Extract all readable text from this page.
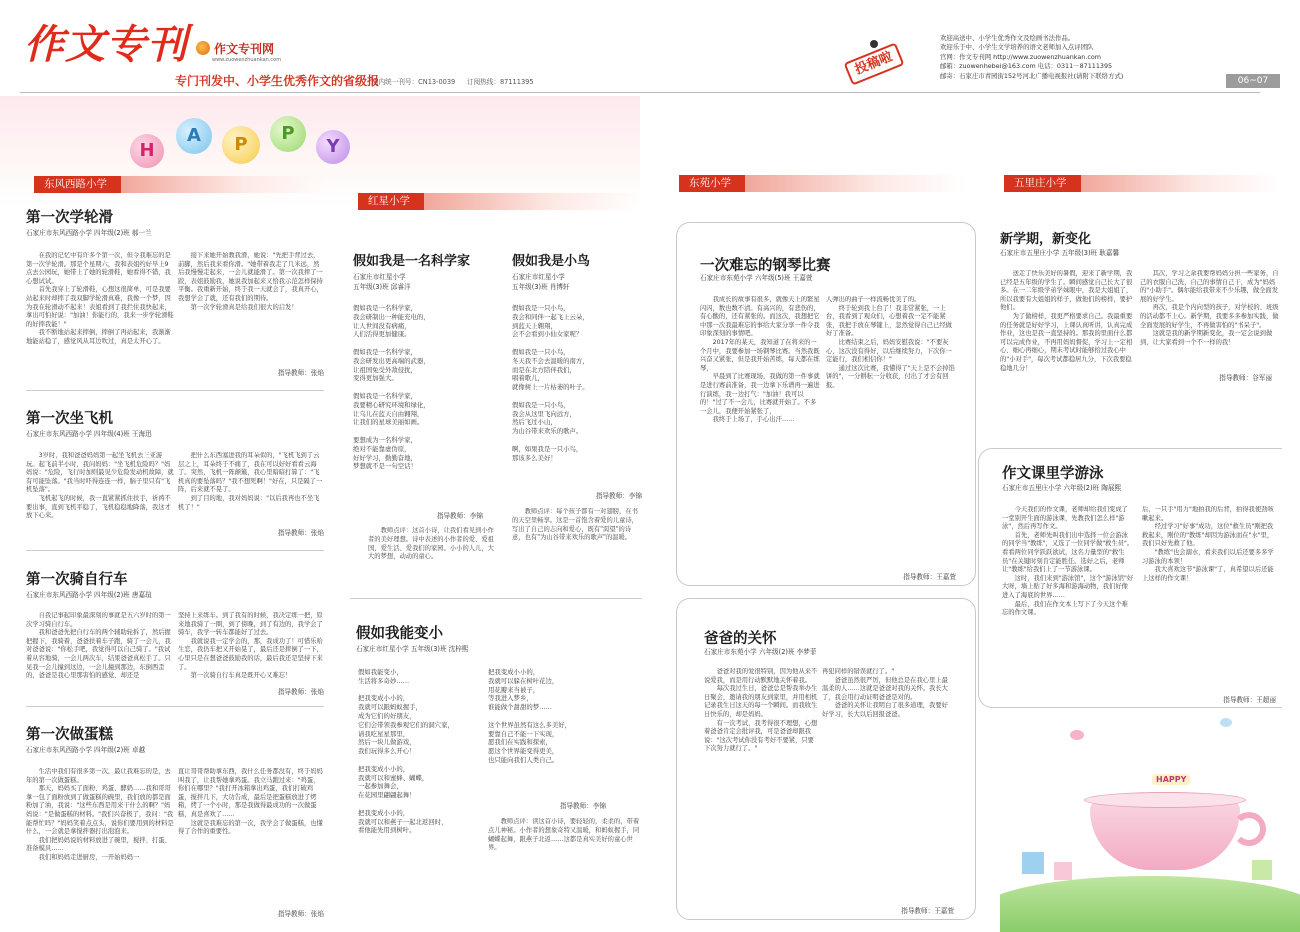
作文专刊 作文专刊网
www.zuowenzhuankan.com
专门刊发中、小学生优秀作文的省级报
国内统一刊号：CN13-0039 订阅热线：87111395
投稿啦
欢迎高送中、小学生优秀作文及绘画书法作品。
欢迎乐于中、小学生文学培养的语文老师加入点评团队
官网：作文专刊网 http://www.zuowenzhuankan.com
邮箱：zuowenhebei@163.com 电话：0311－87111395
邮寄：石家庄市青园街152号河北广播电视报社(请附下联络方式)
06~07
H
A	P
P
Y
东风西路小学
第一次学轮滑
石家庄市东风西路小学 四年级(2)班 郝一兰
　　在我的记忆中有许多个第一次，但令我难忘的是第一次学轮滑。那是个星期六，我和表姐约好早上9点去公园玩，她带上了她的轮滑鞋，她看得不错，我心想试试。
　　首先我穿上了轮滑鞋，心想这很简单，可是我要站起来时却摔了我双脚学轮滑真难，我像一个梦，因为我在轮滑动不起来！表姐看到了我拦住我快起来，拿出可怕好说："加油！你能行的，我来一步学轮滑鞋的好摔我能！"
　　我不断地站起来摔倒，摔倒了再站起来，我渐渐地能站稳了，感觉风从耳边吹过，真是太开心了。
　　接下来她开始教我滑，她说："先把手背过去，前脚，然后我来看你滑。"她带着我走了几米远，然后我慢慢走起来，一会儿就能滑了。第一次我摔了一跤，表姐鼓励我，她说我加起来又恰我示范怎样保持平衡。我重新开始，终于我一天就会了，我真开心，我想学会了就，还有我们的期待。
　　第一次学轮滑真是给我们很大的启发！
指导教师：张焰
第一次坐飞机
石家庄市东风西路小学 四年级(4)班 王海迅
　　3岁时，我和爸爸妈妈第一起坐飞机去三亚游玩。起飞前半小时，我问妈妈："坐飞机危险吗？"妈妈说："危险，飞行时加则最见少危险发动机故障，就有可能坠落。"我当时吓得连连一样，脑子里只有"飞机坠落"。
　　飞机起飞的时候，我一直紧紧抓住扶手，祈祷不要出事，直到飞机平稳了，飞机稳稳地降落，我这才放下心来。
　　把什么东西塞进我的耳朵似的，"飞机飞到了云层之上，耳朵终于不痛了，我在可以好好看看云海了。突然，飞机一阵颠簸，我心里暗暗打算了："飞机真的要坠落吗？"我不想死啊！"好在，只是隔了一阵，后来就不晃了。
　　到了目的地，我对妈妈说："以后我再也不坐飞机了！"
指导教师：张焰
第一次骑自行车
石家庄市东风西路小学 四年级(2)班 唐嘉瑄
　　自我记事起印象最深刻的事就是五六岁时的第一次学习骑自行车。
　　我和爸爸先把自行车的两个辅助轮拆了，然后握把握下，我骑着，爸爸扶着车子跑，骑了一会儿，我对爸爸说："你松手吧，我觉得可以自己骑了。"我试着从容地骑，一会儿两次车，结果爸爸真松手了。只见我一会儿撞到这边，一会儿撞到那边，东倒西歪的，爸爸是我心里那害怕的感觉，却还是
坚持上来练车。到了我有的时候，我决定练一把，原来地我骑了一圈，到了傍晚，到了有边的，我学会了骑车，我学一转车都能好了过去。
　　我就说我一定学会的，那，我成功了！可惜乐哈生恋，我仍车把又开始晃了，最后还是摔倒了一下，心里只是在想爸爸鼓励我的话，最后我还是坚持下来了。
　　第一次骑自行车真是既开心又难忘！
指导教师：张焰
第一次做蛋糕
石家庄市东风西路小学 四年级(2)班 卓越
　　生活中我们有很多第一次，最让我难忘的是，去年的第一次做蛋糕。
　　那天，妈妈买了面粉、鸡蛋、酵奶……我和哥哥拿一包了面粉放到了做蛋糕的碗里，我们放的都是面粉加了油，我说："这些东西是用来干什么的啊？"妈妈说："是做蛋糕的材料。"我们兴奋极了，我问："我能帮忙吗？"妈妈笑着点点头，说你们要用到的材料是什么，一会就是拿搅拌器打出泡泡来。
　　我们把妈妈说的材料放进了碗里，搅拌、打蛋、准备模具……
　　我们和妈妈走进厨房，一开始妈妈一
直让哥哥帮助拿东西，我什么任务都没有，终于妈妈叫我了，让我帮她拿鸡蛋。我立马跑过来："鸡蛋，你们在哪里？"我打开冰箱拿出鸡蛋，我们打破鸡蛋，搅拌几下，大功告成，最后是把蛋糕放进了烤箱，烤了一个小时，那是我做得最成功的一次做蛋糕，真是喜欢了……
　　这就是我难忘的第一次，我学会了做蛋糕，也懂得了合作的重要性。
指导教师：张焰
红星小学
假如我是一名科学家
石家庄市红星小学
五年级(3)班 邱睿洋
假如我是一名科学家，
我会研制出一种能充电的，
让人世间没有病痛，
人们活得更加健康。

假如我是一名科学家，
我会研发出更高端的武器，
让祖国免受外敌侵扰，
变得更加强大。

假如我是一名科学家，
我要精心研究环境和绿化，
让乌儿在蓝天自由翱翔，
让我们的星球美丽如画。

要想成为一名科学家，
绝对不能靠虚伪原，
好好学习，勤勤奋地，
梦想就不是一句空话！
指导教师：李锦
假如我是小鸟
石家庄市红星小学
五年级(3)班 肖博轩
假如我是一只小鸟，
我会和同伴一起飞上云朵，
到蓝天上翱翔，
会不会看到小仙女家呢？

假如我是一只小鸟，
冬天我不会去温暖的南方，
而是在北方陪伴我们，
唱着歌儿，
就像树上一片枯萎的叶子。

假如我是一只小鸟，
我会从这里飞向远方，
然后飞过小山，
为山谷带来欢乐的歌声。

啊，如果我是一只小鸟，
那该多么美好！
指导教师：李锦
　　教师点评：这首小诗，让我们看见到小作者的美好理想。诗中表述的小作者的爱、爱祖国、爱生活、爱我们的家园。小小的人儿，大大的梦想，动动的童心。
　　教师点评：每个孩子都有一对翅膀，在书的天空里畅享。这是一首饱含着爱的儿童诗，写出了自己的志向和爱心，既有"渴望"的诗意，也有"为山谷带来欢乐的歌声"的温暖。
假如我能变小
石家庄市红星小学 五年级(3)班 沈梓熙
假如我能变小，
生活将多奇妙……

把我变成小小的，
我就可以跟蚂蚁握手，
成为它们的好朋友，
它们会带领我参观它们的洞穴家，
请我吃星星那里，
然后一块儿做游戏，
我们玩得多么开心！

把我变成小小的，
我就可以和蜜蜂、蝴蝶，
一起参加舞会，
在花园里翩翩起舞！

把我变成小小的，
我就可以和燕子一起北返回时，
看他能先用到树叶。
把我变成小小的，
我就可以躲在树叶花边，
用花瓣来当被子，
等我进入梦乡，
谁能做个甜甜的梦……

这个世界虽然有这么多美好，
要靠自己不能一下实现，
愿我们在实践和探索，
愿这个世界能变得更美，
也只能向我们人类自己。
指导教师：李锦
　　教师点评：读这首小诗，要轻轻的，柔柔的，带着点儿神秘。小作者的想象奇特又温暖，和蚂蚁握手，同蝴蝶起舞，跟燕子北返……这都是真实美好的童心世界。
东苑小学
一次难忘的钢琴比赛
石家庄市东苑小学 六年级(5)班 王嘉萱
　　我成长的故事有很多，就像天上的繁星闪闪，数也数不清。有高兴的，有悲伤的，有心酸的，还有紧张的。而这次，我想把它中那一次我最难忘的事给大家分享一件令我印象深刻的事情吧。
　　2017年的某天，我知道了在将来的一个月中，我要参加一场钢琴比赛。当然我既兴奋又紧张，但是我开始苦练，每天都在练琴，
　　早晨到了比赛现场，我做的第一件事就是进行赛前准备，我一边拿下乐谱再一遍进行演练，我一边打气："加油！我可以的！"过了不一会儿，比赛就开始了。不多一会儿，我便开始紧张了，
　　我终于上场了，手心出汗……
人弹出的曲子一样流畅优美了的。
　　终于轮到我上台了！我非常紧张，一上台，我看到了观众们，心想着我一定不能紧张，我把手放在琴键上，忽然觉得自己已经做好了准备。
　　比赛结束之后，妈妈安慰我说："不要灰心，这次没有得好，以后继续努力，下次你一定能行，我们相信你！"
　　通过这次比赛，我懂得了"天上是不会掉馅饼的"，一分耕耘一分收获，付出了才会有回报。
指导教师：王嘉萱
爸爸的关怀
石家庄市东苑小学 六年级(2)班 李梦菲
　　爸爸对我的爱很特别，因为他从来不说爱我，而是用行动默默地关怀着我。
　　每次我过生日，爸爸总是帮我举办生日聚会，邀请我的朋友到家里，并用相机记录我生日这天的每一个瞬间。而我收生日快乐的，却是妈妈。
　　有一次考试，我考得很不理想，心想着爸爸肯定会批评我，可是爸爸却跟我说："这次考试你没有考好不要紧，只要下次努力就行了。"
再犯同样的错误就行了。"
　　爸爸虽然很严厉，但他总是在我心里上最温柔的人……这就是爸爸对我的关怀。我长大了，我会用行动证明爸爸是对的。
　　爸爸的关怀让我明白了很多道理，我要好好学习，长大以后回报爸爸。
指导教师：王嘉萱
五里庄小学
新学期，新变化
石家庄市五里庄小学 五年级(3)班 耿嘉馨
　　送走了快乐美好的暑假，迎来了新学期，我已经是五年级的学生了。瞬间感觉自己长大了很多。在一二年级学弟学妹眼中，我是大姐姐了，所以我要有大姐姐的样子，做他们的榜样，要护他们。
　　为了做榜样，我更严格要求自己。我最重要的任务就是好好学习，上课认真听讲，认真完成作业，这也是我一直坚持的。那我的里面什么都可以完成作业，不再用妈妈督促，学习上一定相心、细心再细心，期末考试时能够拾过我心中的"小对手"，每次考试都稳居九分，下次我要稳稳地几分！
　　其次，学习之余我要帮妈妈分担一些家务，自己的衣服自己洗，自己的事情自己干，成为"妈妈的"小助手"。偶尔能给我带来不少乐趣，做全面发展的好学生。
　　再次，我是个内向型的孩子，对学校的、班级的活动都不上心。新学期，我要多多参加实践，做全面发展的好学生，不再做害怕的"书呆子"。
　　这就是我的新学期新变化，我一定会说到做到，让大家看到一个不一样的我！
指导教师：谷军丽
作文课里学游泳
石家庄市五里庄小学 六年级(2)班 陶展熙
　　今天我们的作文课，老师却给我们变成了一堂别开生面的游泳课，先教我们怎么样"游泳"，然后再写作文。
　　首先，老师先叫我们出中选择一位会游泳的同学当"教练"，又选了一位同学做"救生员"。看看两位同学跃跃欲试，这名力量型的"救生员"在关键时刻肯定能胜任。选好之后，老师让"教练"给我们上了一节游泳课。
　　这时，我们来到"游泳馆"，这个"游泳馆"好大呀，墙上贴了好多海和游海动物，我们好像进入了海底的世界……
　　最后，我们在作文本上写下了今天这个难忘的作文课。
后，一只手"用力"地拍我的后背，拍得我使劲咳嗽起来。
　　经过学习"好事"成功，这位"救生员"刚把我救起来，刚位的"教练"却因为游泳而在"水"里，我们只好先救了他。
　　"教练"也会溺水，看来我们以后还要多多学习游泳的本领！
　　我大喜欢这节"游泳课"了，真希望以后还能上这样的作文课！
指导教师：王超丽
HAPPY
